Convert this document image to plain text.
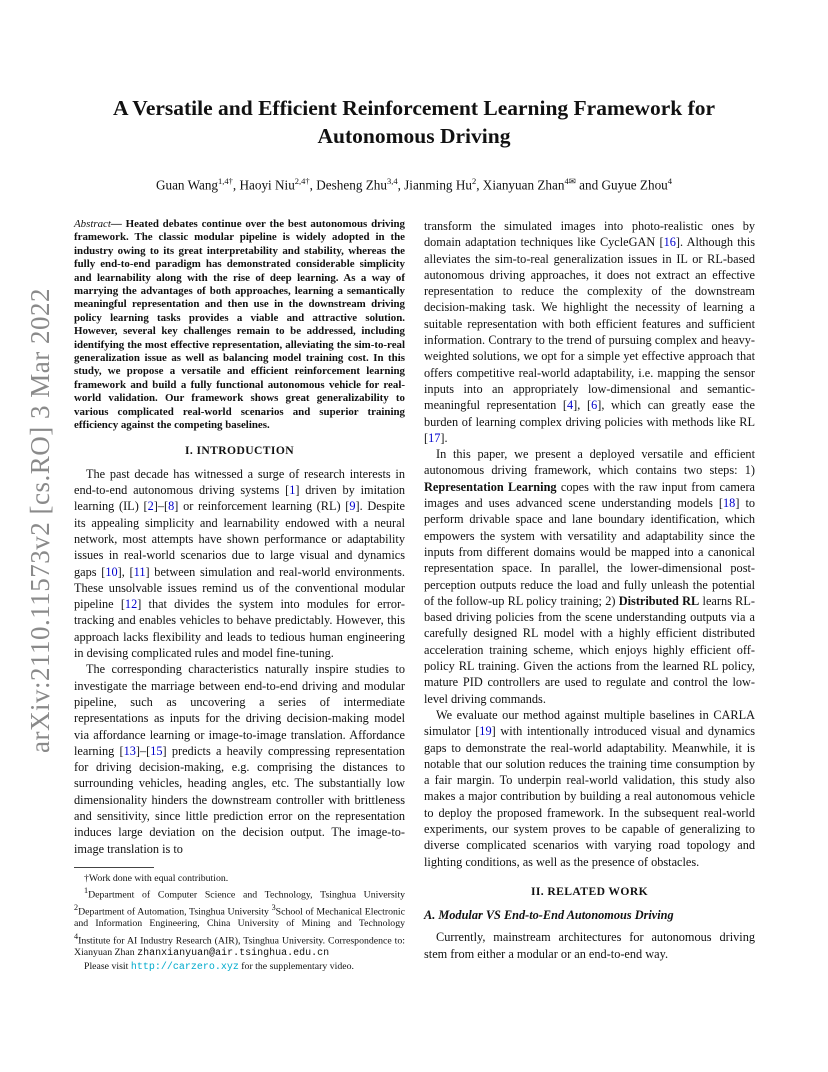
arXiv:2110.11573v2 [cs.RO] 3 Mar 2022
A Versatile and Efficient Reinforcement Learning Framework for Autonomous Driving
Guan Wang$^{1,4\dagger}$, Haoyi Niu$^{2,4\dagger}$, Desheng Zhu$^{3,4}$, Jianming Hu$^2$, Xianyuan Zhan$^{4✉}$ and Guyue Zhou$^4$

Abstract— Heated debates continue over the best autonomous driving framework. The classic modular pipeline is widely adopted in the industry owing to its great interpretability and stability, whereas the fully end-to-end paradigm has demonstrated considerable simplicity and learnability along with the rise of deep learning. As a way of marrying the advantages of both approaches, learning a semantically meaningful representation and then use in the downstream driving policy learning tasks provides a viable and attractive solution. However, several key challenges remain to be addressed, including identifying the most effective representation, alleviating the sim-to-real generalization issue as well as balancing model training cost. In this study, we propose a versatile and efficient reinforcement learning framework and build a fully functional autonomous vehicle for real-world validation. Our framework shows great generalizability to various complicated real-world scenarios and superior training efficiency against the competing baselines.

I. INTRODUCTION

The past decade has witnessed a surge of research interests in end-to-end autonomous driving systems [1] driven by imitation learning (IL) [2]–[8] or reinforcement learning (RL) [9]. Despite its appealing simplicity and learnability endowed with a neural network, most attempts have shown performance or adaptability issues in real-world scenarios due to large visual and dynamics gaps [10], [11] between simulation and real-world environments. These unsolvable issues remind us of the conventional modular pipeline [12] that divides the system into modules for error-tracking and enables vehicles to behave predictably. However, this approach lacks flexibility and leads to tedious human engineering in devising complicated rules and model fine-tuning.

The corresponding characteristics naturally inspire studies to investigate the marriage between end-to-end driving and modular pipeline, such as uncovering a series of intermediate representations as inputs for the driving decision-making model via affordance learning or image-to-image translation. Affordance learning [13]–[15] predicts a heavily compressing representation for driving decision-making, e.g. comprising the distances to surrounding vehicles, heading angles, etc. The substantially low dimensionality hinders the downstream controller with brittleness and sensitivity, since little prediction error on the representation induces large deviation on the decision output. The image-to-image translation is to

†Work done with equal contribution.

$^1$Department of Computer Science and Technology, Tsinghua University $^2$Department of Automation, Tsinghua University $^3$School of Mechanical Electronic and Information Engineering, China University of Mining and Technology $^4$Institute for AI Industry Research (AIR), Tsinghua University. Correspondence to: Xianyuan Zhan zhanxianyuan@air.tsinghua.edu.cn

Please visit http://carzero.xyz for the supplementary video.

transform the simulated images into photo-realistic ones by domain adaptation techniques like CycleGAN [16]. Although this alleviates the sim-to-real generalization issues in IL or RL-based autonomous driving approaches, it does not extract an effective representation to reduce the complexity of the downstream decision-making task. We highlight the necessity of learning a suitable representation with both efficient features and sufficient information. Contrary to the trend of pursuing complex and heavy-weighted solutions, we opt for a simple yet effective approach that offers competitive real-world adaptability, i.e. mapping the sensor inputs into an appropriately low-dimensional and semantic-meaningful representation [4], [6], which can greatly ease the burden of learning complex driving policies with methods like RL [17].

In this paper, we present a deployed versatile and efficient autonomous driving framework, which contains two steps: 1) Representation Learning copes with the raw input from camera images and uses advanced scene understanding models [18] to perform drivable space and lane boundary identification, which empowers the system with versatility and adaptability since the inputs from different domains would be mapped into a canonical representation space. In parallel, the lower-dimensional post-perception outputs reduce the load and fully unleash the potential of the follow-up RL policy training; 2) Distributed RL learns RL-based driving policies from the scene understanding outputs via a carefully designed RL model with a highly efficient distributed acceleration training scheme, which enjoys highly efficient off-policy RL training. Given the actions from the learned RL policy, mature PID controllers are used to regulate and control the low-level driving commands.

We evaluate our method against multiple baselines in CARLA simulator [19] with intentionally introduced visual and dynamics gaps to demonstrate the real-world adaptability. Meanwhile, it is notable that our solution reduces the training time consumption by a fair margin. To underpin real-world validation, this study also makes a major contribution by building a real autonomous vehicle to deploy the proposed framework. In the subsequent real-world experiments, our system proves to be capable of generalizing to diverse complicated scenarios with varying road topology and lighting conditions, as well as the presence of obstacles.

II. RELATED WORK
A. Modular VS End-to-End Autonomous Driving

Currently, mainstream architectures for autonomous driving stem from either a modular or an end-to-end way.
